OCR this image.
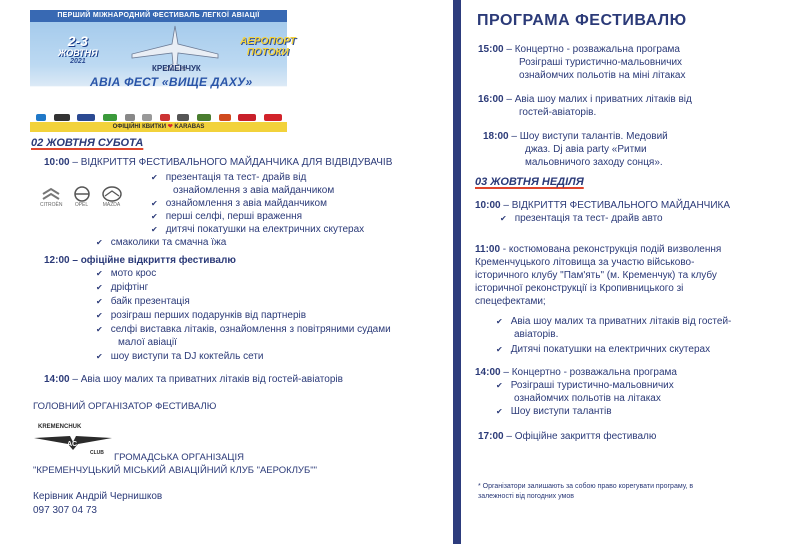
ПЕРШИЙ МІЖНАРОДНИЙ ФЕСТИВАЛЬ ЛЕГКОЇ АВІАЦІЇ
2-3
ЖОВТНЯ
2021
АЕРОПОРТ
ПОТОКИ
КРЕМЕНЧУК
АВІА ФЕСТ «ВИЩЕ ДАХУ»
ОФІЦІЙНІ КВИТКИ ❤ KARABAS
02 ЖОВТНЯ СУБОТА
10:00 – ВІДКРИТТЯ ФЕСТИВАЛЬНОГО МАЙДАНЧИКА ДЛЯ ВІДВІДУВАЧІВ
CITROËN OPEL	MAZDA
✔ презентація та тест- драйв від
ознайомлення з авіа майданчиком
✔ ознайомлення з авіа майданчиком
✔ перші селфі, перші враження
✔ дитячі покатушки на електричних скутерах
✔ смаколики та смачна їжа
12:00 – офіційне відкриття фестивалю
✔ мото крос
✔ дріфтінг
✔ байк презентація
✔ розіграш перших подарунків від партнерів
✔ селфі виставка літаків, ознайомлення з повітряними судами
малої авіації
✔ шоу виступи та DJ коктейль сети
14:00 – Авіа шоу малих та приватних літаків від гостей-авіаторів
ГОЛОВНИЙ ОРГАНІЗАТОР ФЕСТИВАЛЮ
KREMENCHUK
AC
CLUB ГРОМАДСЬКА ОРГАНІЗАЦІЯ
"КРЕМЕНЧУЦЬКИЙ МІСЬКИЙ АВІАЦІЙНИЙ КЛУБ "АЕРОКЛУБ""
Керівник Андрій Чернишков
097 307 04 73
ПРОГРАМА ФЕСТИВАЛЮ
15:00 – Концертно - розважальна програма
Розіграші туристично-мальовничих
ознайомчих польотів на міні літаках
16:00 – Авіа шоу малих і приватних літаків від
гостей-авіаторів.
18:00 – Шоу виступи талантів. Медовий
джаз. Dj авіа party «Ритми
мальовничого заходу сонця».
03 ЖОВТНЯ НЕДІЛЯ
10:00 – ВІДКРИТТЯ ФЕСТИВАЛЬНОГО МАЙДАНЧИКА
✔ презентація та тест- драйв авто
11:00 - костюмована реконструкція подій визволення
Кременчуцького літовища за участю військово-
історичного клубу "Пам'ять" (м. Кременчук) та клубу
історичної реконструкції із Кропивницького зі
спецефектами;
✔ Авіа шоу малих та приватних літаків від гостей-
авіаторів.
✔ Дитячі покатушки на електричних скутерах
14:00 – Концертно - розважальна програма
✔ Розіграші туристично-мальовничих
ознайомчих польотів на літаках
✔ Шоу виступи талантів
17:00 – Офіційне закриття фестивалю
* Організатори залишають за собою право корегувати програму, в
залежності від погодних умов
